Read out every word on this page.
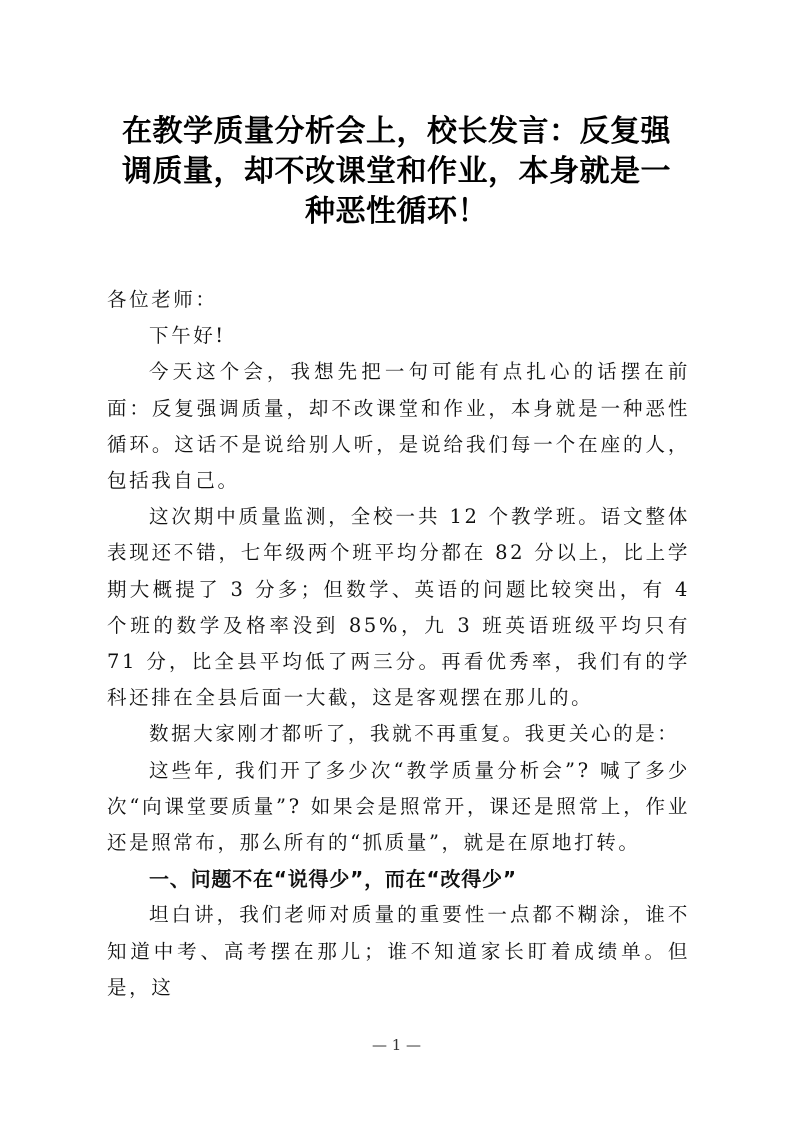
在教学质量分析会上，校长发言：反复强
调质量，却不改课堂和作业，本身就是一
种恶性循环！

各位老师：

下午好!

今天这个会，我想先把一句可能有点扎心的话摆在前面：反复强调质量，却不改课堂和作业，本身就是一种恶性循环。这话不是说给别人听，是说给我们每一个在座的人，包括我自己。

这次期中质量监测，全校一共 12 个教学班。语文整体表现还不错，七年级两个班平均分都在 82 分以上，比上学期大概提了 3 分多；但数学、英语的问题比较突出，有 4 个班的数学及格率没到 85%，九 3 班英语班级平均只有 71 分，比全县平均低了两三分。再看优秀率，我们有的学科还排在全县后面一大截，这是客观摆在那儿的。

数据大家刚才都听了，我就不再重复。我更关心的是：

这些年, 我们开了多少次“教学质量分析会”? 喊了多少次“向课堂要质量”? 如果会是照常开，课还是照常上，作业还是照常布，那么所有的“抓质量”，就是在原地打转。

一、问题不在“说得少”，而在“改得少”

坦白讲，我们老师对质量的重要性一点都不糊涂，谁不知道中考、高考摆在那儿；谁不知道家长盯着成绩单。但是，这

— 1 —
